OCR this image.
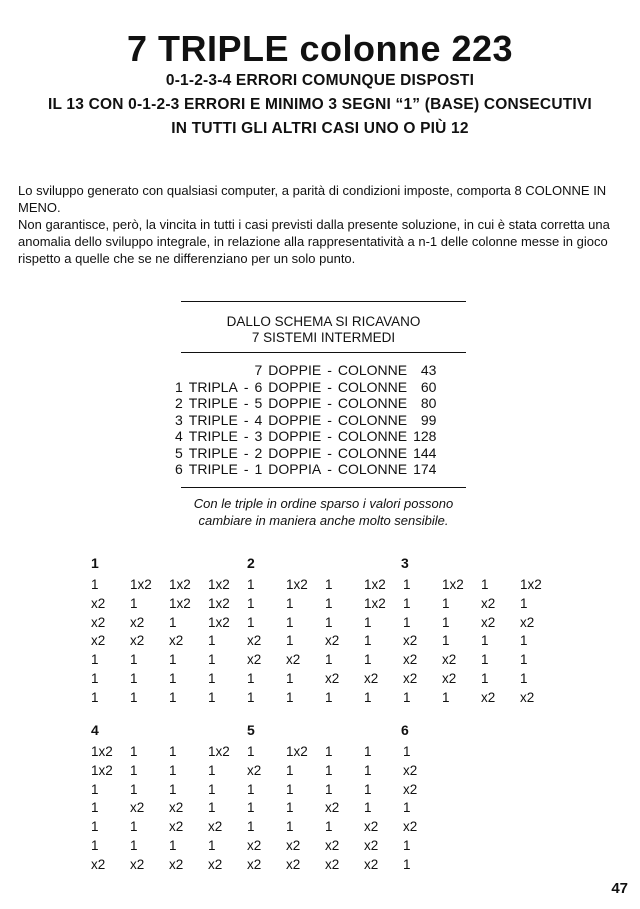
7 TRIPLE colonne 223

0-1-2-3-4 ERRORI COMUNQUE DISPOSTI

IL 13 CON 0-1-2-3 ERRORI E MINIMO 3 SEGNI “1” (BASE) CONSECUTIVI

IN TUTTI GLI ALTRI CASI UNO O PIÙ 12

Lo sviluppo generato con qualsiasi computer, a parità di condizioni imposte, comporta 8 COLONNE IN MENO.
Non garantisce, però, la vincita in tutti i casi previsti dalla presente soluzione, in cui è stata corretta una anomalia dello sviluppo integrale, in relazione alla rappresentatività a n-1 delle colonne messe in gioco rispetto a quelle che se ne differenziano per un solo punto.
DALLO SCHEMA SI RICAVANO
7 SISTEMI INTERMEDI
			7	DOPPIE	-	COLONNE	43
1	TRIPLA	-	6	DOPPIE	-	COLONNE	60
2	TRIPLE	-	5	DOPPIE	-	COLONNE	80
3	TRIPLE	-	4	DOPPIE	-	COLONNE	99
4	TRIPLE	-	3	DOPPIE	-	COLONNE	128
5	TRIPLE	-	2	DOPPIE	-	COLONNE	144
6	TRIPLE	-	1	DOPPIA	-	COLONNE	174
Con le triple in ordine sparso i valori possono
cambiare in maniera anche molto sensibile.
1	2	3
1	1x2	1x2	1x2	1	1x2	1	1x2	1	1x2	1	1x2
x2	1	1x2	1x2	1	1	1	1x2	1	1	x2	1
x2	x2	1	1x2	1	1	1	1	1	1	x2	x2
x2	x2	x2	1	x2	1	x2	1	x2	1	1	1
1	1	1	1	x2	x2	1	1	x2	x2	1	1
1	1	1	1	1	1	x2	x2	x2	x2	1	1
1	1	1	1	1	1	1	1	1	1	x2	x2
4	5	6
1x2	1	1	1x2	1	1x2	1	1	1
1x2	1	1	1	x2	1	1	1	x2
1	1	1	1	1	1	1	1	x2
1	x2	x2	1	1	1	x2	1	1
1	1	x2	x2	1	1	1	x2	x2
1	1	1	1	x2	x2	x2	x2	1
x2	x2	x2	x2	x2	x2	x2	x2	1
47
